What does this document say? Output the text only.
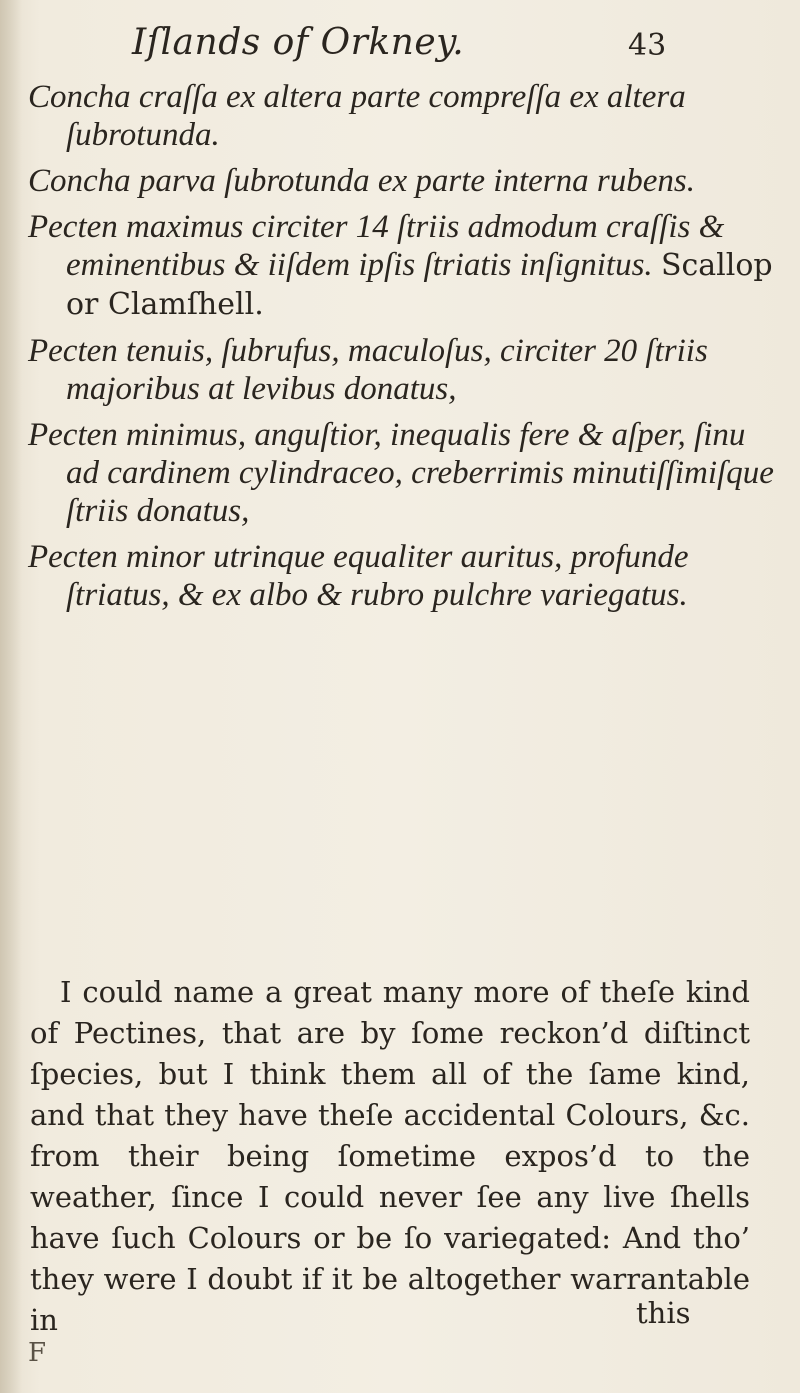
Iſlands of Orkney.	43
Concha craſſa ex altera parte compreſſa ex altera ſubrotunda.
Concha parva ſubrotunda ex parte interna rubens.
Pecten maximus circiter 14 ſtriis admodum craſſis & eminentibus & iiſdem ipſis ſtriatis inſignitus. Scallop or Clamſhell.
Pecten tenuis, ſubrufus, maculoſus, circiter 20 ſtriis majoribus at levibus donatus,
Pecten minimus, anguſtior, inequalis fere & aſper, ſinu ad cardinem cylindraceo, creberrimis minutiſſimiſque ſtriis donatus,
Pecten minor utrinque equaliter auritus, profunde ſtriatus, & ex albo & rubro pulchre variegatus.

I could name a great many more of theſe kind of Pectines, that are by ſome reckon’d diſtinct ſpecies, but I think them all of the ſame kind, and that they have theſe accidental Colours, &c. from their being ſometime expos’d to the weather, ſince I could never ſee any live ſhells have ſuch Colours or be ſo variegated: And tho’ they were I doubt if it be altogether warrantable in	this
F
